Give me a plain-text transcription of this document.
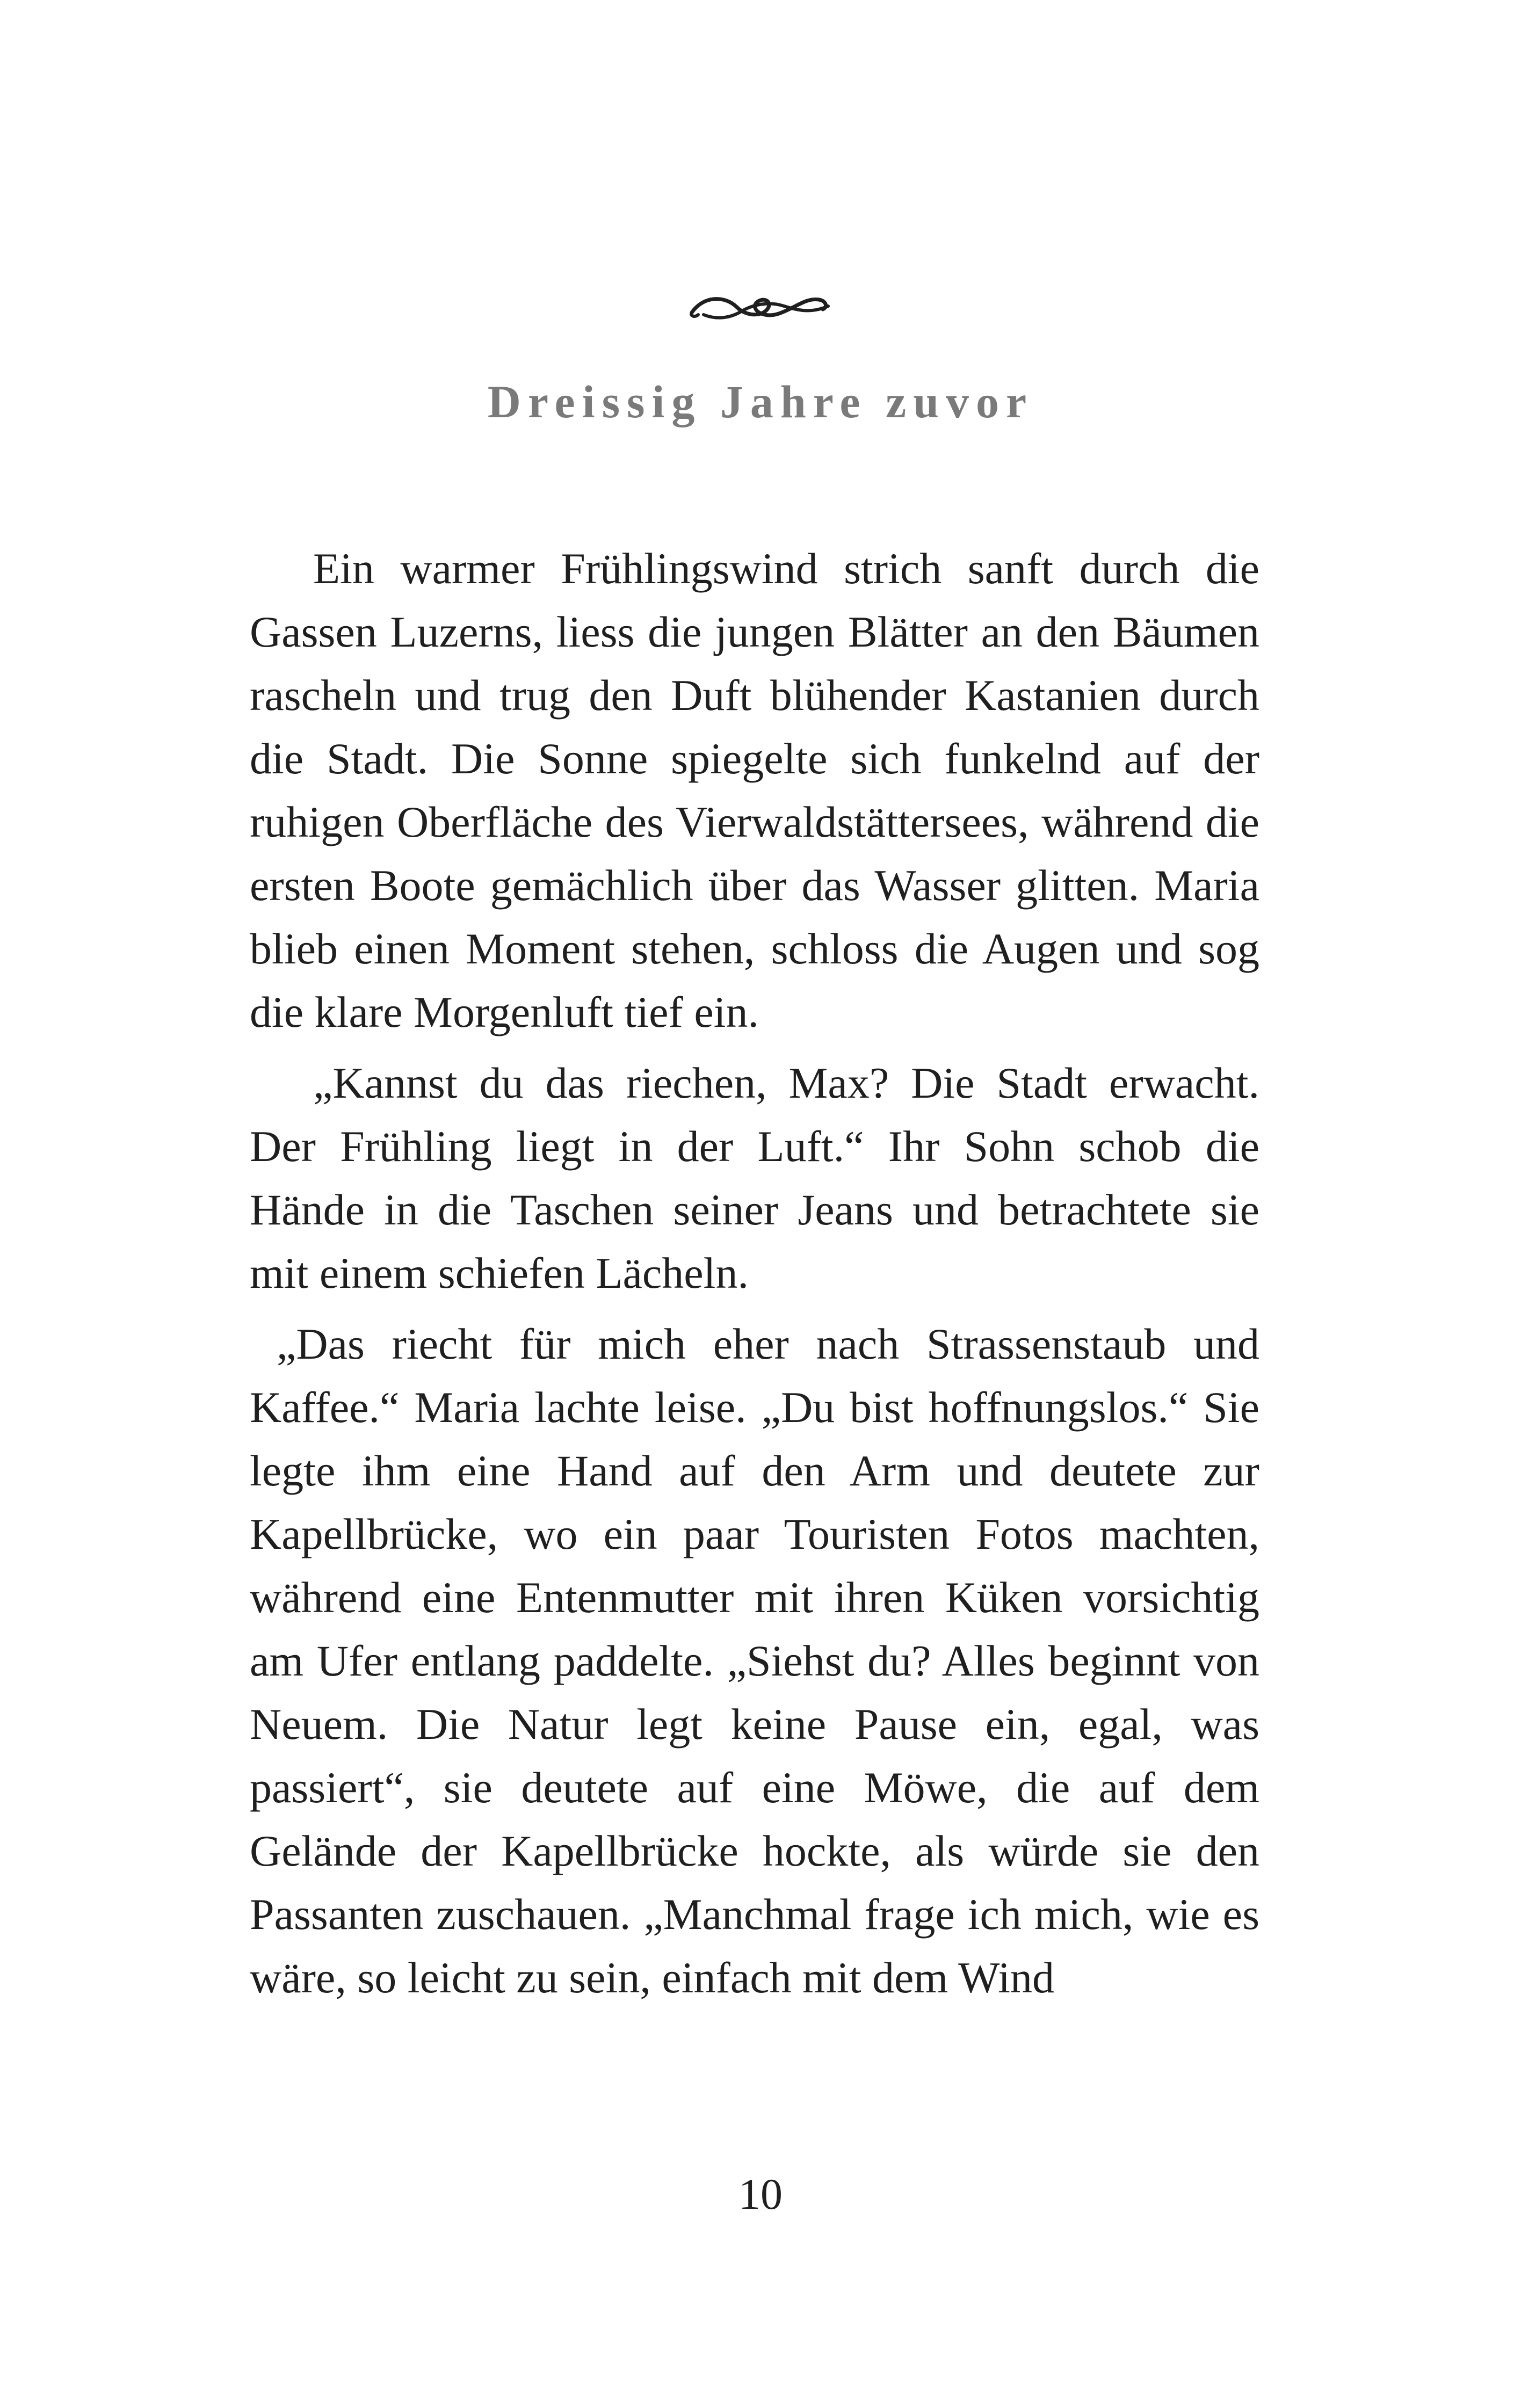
Dreissig Jahre zuvor

Ein warmer Frühlingswind strich sanft durch die Gassen Luzerns, liess die jungen Blätter an den Bäumen rascheln und trug den Duft blühender Kastanien durch die Stadt. Die Sonne spiegelte sich funkelnd auf der ruhigen Oberfläche des Vierwaldstättersees, während die ersten Boote gemächlich über das Wasser glitten. Maria blieb einen Moment stehen, schloss die Augen und sog die klare Morgenluft tief ein.

„Kannst du das riechen, Max? Die Stadt erwacht. Der Frühling liegt in der Luft.“ Ihr Sohn schob die Hände in die Taschen seiner Jeans und betrachtete sie mit einem schiefen Lächeln.

„Das riecht für mich eher nach Strassenstaub und Kaffee.“ Maria lachte leise. „Du bist hoffnungslos.“ Sie legte ihm eine Hand auf den Arm und deutete zur Kapellbrücke, wo ein paar Touristen Fotos machten, während eine Entenmutter mit ihren Küken vorsichtig am Ufer entlang paddelte. „Siehst du? Alles beginnt von Neuem. Die Natur legt keine Pause ein, egal, was passiert“, sie deutete auf eine Möwe, die auf dem Gelände der Kapellbrücke hockte, als würde sie den Passanten zuschauen. „Manchmal frage ich mich, wie es wäre, so leicht zu sein, einfach mit dem Wind

10
